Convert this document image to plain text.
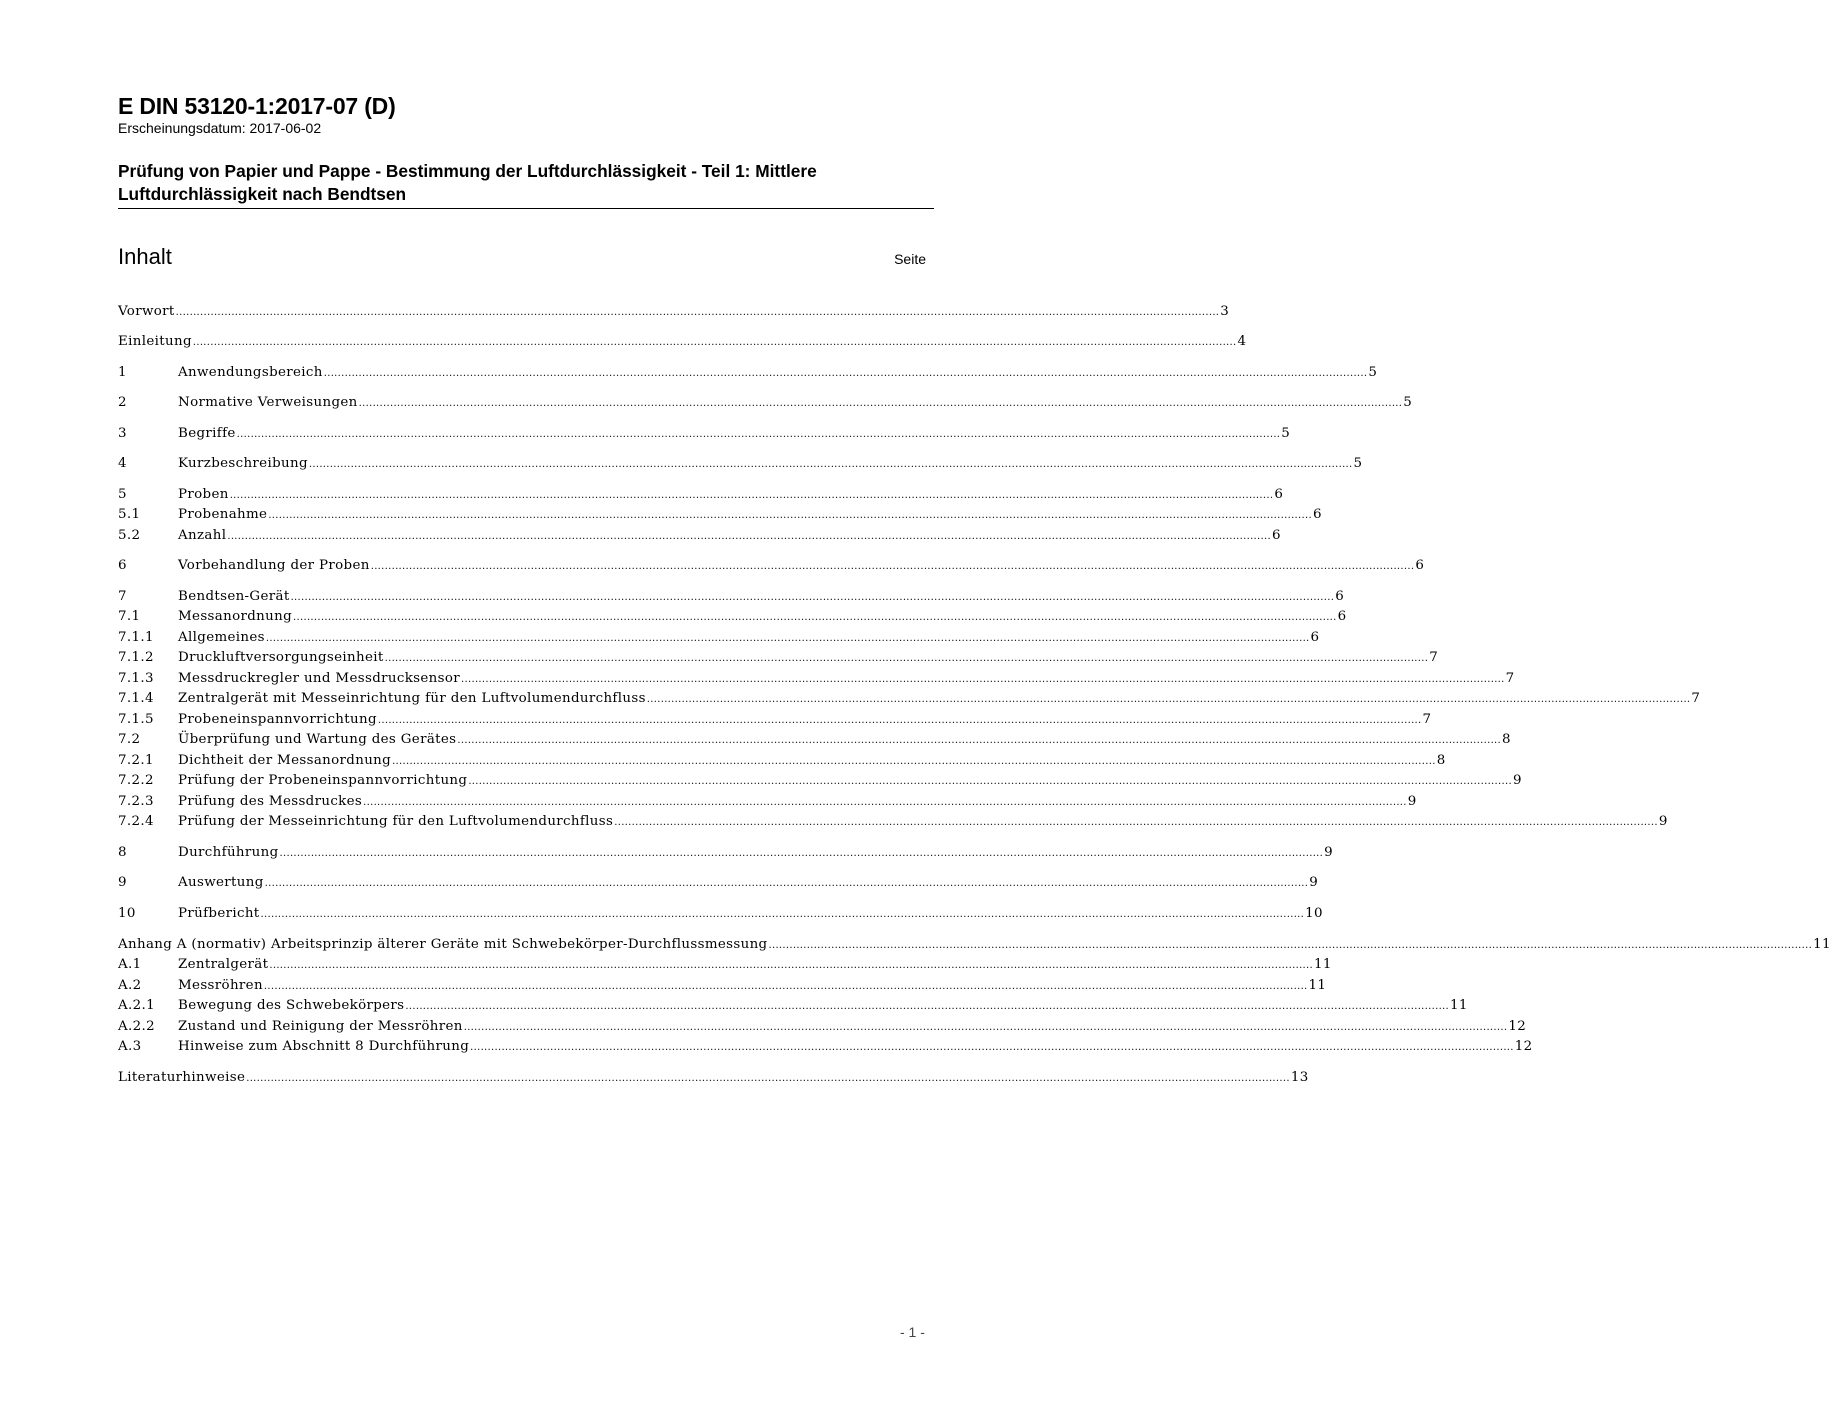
E DIN 53120-1:2017-07 (D)

Erscheinungsdatum: 2017-06-02

Prüfung von Papier und Pappe - Bestimmung der Luftdurchlässigkeit - Teil 1: Mittlere Luftdurchlässigkeit nach Bendtsen
Inhalt	Seite
Vorwort ............................................................................................................................................................................................................................................................................................................ 3
Einleitung ............................................................................................................................................................................................................................................................................................................ 4
1	Anwendungsbereich ............................................................................................................................................................................................................................................................................................................ 5
2	Normative Verweisungen ............................................................................................................................................................................................................................................................................................................ 5
3	Begriffe ............................................................................................................................................................................................................................................................................................................ 5
4	Kurzbeschreibung ............................................................................................................................................................................................................................................................................................................ 5
5	Proben ............................................................................................................................................................................................................................................................................................................ 6
5.1	Probenahme ............................................................................................................................................................................................................................................................................................................ 6
5.2	Anzahl ............................................................................................................................................................................................................................................................................................................ 6
6	Vorbehandlung der Proben ............................................................................................................................................................................................................................................................................................................ 6
7	Bendtsen-Gerät ............................................................................................................................................................................................................................................................................................................ 6
7.1	Messanordnung ............................................................................................................................................................................................................................................................................................................ 6
7.1.1	Allgemeines ............................................................................................................................................................................................................................................................................................................ 6
7.1.2	Druckluftversorgungseinheit ............................................................................................................................................................................................................................................................................................................ 7
7.1.3	Messdruckregler und Messdrucksensor ............................................................................................................................................................................................................................................................................................................ 7
7.1.4	Zentralgerät mit Messeinrichtung für den Luftvolumendurchfluss ............................................................................................................................................................................................................................................................................................................ 7
7.1.5	Probeneinspannvorrichtung ............................................................................................................................................................................................................................................................................................................ 7
7.2	Überprüfung und Wartung des Gerätes ............................................................................................................................................................................................................................................................................................................ 8
7.2.1	Dichtheit der Messanordnung ............................................................................................................................................................................................................................................................................................................ 8
7.2.2	Prüfung der Probeneinspannvorrichtung ............................................................................................................................................................................................................................................................................................................ 9
7.2.3	Prüfung des Messdruckes ............................................................................................................................................................................................................................................................................................................ 9
7.2.4	Prüfung der Messeinrichtung für den Luftvolumendurchfluss ............................................................................................................................................................................................................................................................................................................ 9
8	Durchführung ............................................................................................................................................................................................................................................................................................................ 9
9	Auswertung ............................................................................................................................................................................................................................................................................................................ 9
10	Prüfbericht ............................................................................................................................................................................................................................................................................................................ 10
Anhang A (normativ) Arbeitsprinzip älterer Geräte mit Schwebekörper-Durchflussmessung ............................................................................................................................................................................................................................................................................................................ 11
A.1	Zentralgerät ............................................................................................................................................................................................................................................................................................................ 11
A.2	Messröhren ............................................................................................................................................................................................................................................................................................................ 11
A.2.1	Bewegung des Schwebekörpers ............................................................................................................................................................................................................................................................................................................ 11
A.2.2	Zustand und Reinigung der Messröhren ............................................................................................................................................................................................................................................................................................................ 12
A.3	Hinweise zum Abschnitt 8 Durchführung ............................................................................................................................................................................................................................................................................................................ 12
Literaturhinweise ............................................................................................................................................................................................................................................................................................................ 13
- 1 -
